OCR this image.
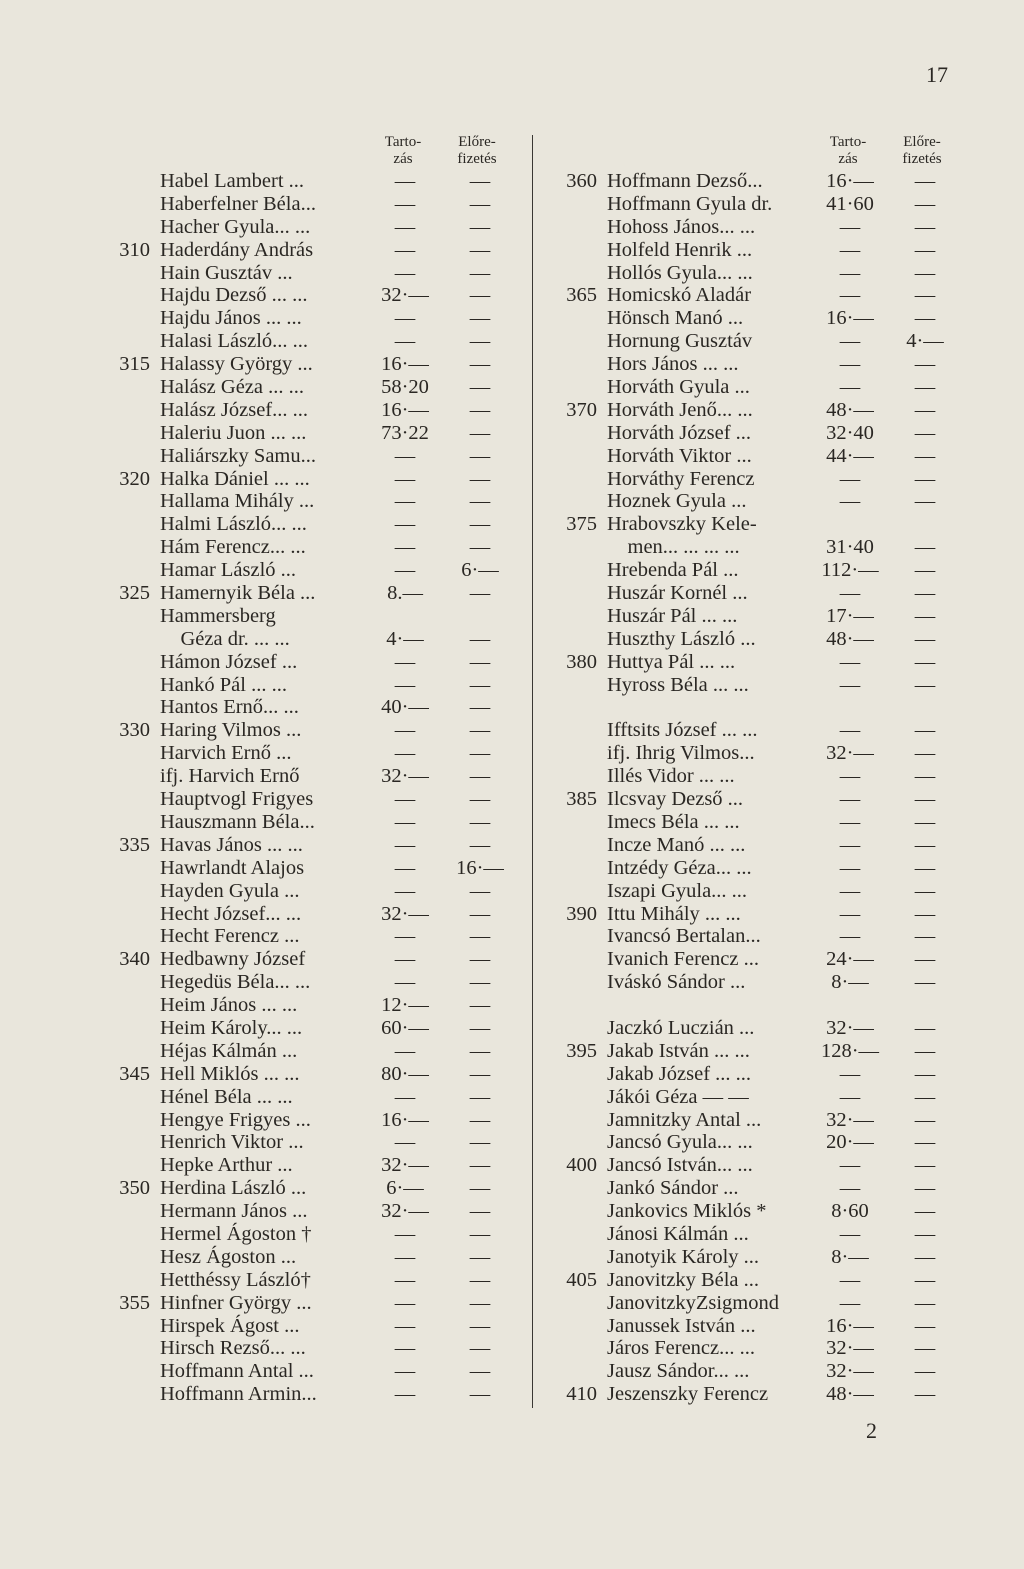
17
Tarto-
zás
Előre-
fizetés
Habel Lambert ...	—	—
Haberfelner Béla...	—	—
Hacher Gyula... ...	—	—
310 Haderdány András	—	—
Hain Gusztáv ...	—	—
Hajdu Dezső ... ...	32·—	—
Hajdu János ... ...	—	—
Halasi László... ...	—	—
315 Halassy György ...	16·—	—
Halász Géza ... ...	58·20	—
Halász József... ...	16·—	—
Haleriu Juon ... ...	73·22	—
Haliárszky Samu...	—	—
320 Halka Dániel ... ...	—	—
Hallama Mihály ...	—	—
Halmi László... ...	—	—
Hám Ferencz... ...	—	—
Hamar László ...	—	6·—
325 Hamernyik Béla ...	8.—	—
Hammersberg
Géza dr. ... ...	4·—	—
Hámon József ...	—	—
Hankó Pál ... ...	—	—
Hantos Ernő... ...	40·—	—
330 Haring Vilmos ...	—	—
Harvich Ernő ...	—	—
ifj. Harvich Ernő	32·—	—
Hauptvogl Frigyes	—	—
Hauszmann Béla...	—	—
335 Havas János ... ...	—	—
Hawrlandt Alajos	—	16·—
Hayden Gyula ...	—	—
Hecht József... ...	32·—	—
Hecht Ferencz ...	—	—
340 Hedbawny József	—	—
Hegedüs Béla... ...	—	—
Heim János ... ...	12·—	—
Heim Károly... ...	60·—	—
Héjas Kálmán ...	—	—
345 Hell Miklós ... ...	80·—	—
Hénel Béla ... ...	—	—
Hengye Frigyes ...	16·—	—
Henrich Viktor ...	—	—
Hepke Arthur ...	32·—	—
350 Herdina László ...	6·—	—
Hermann János ...	32·—	—
Hermel Ágoston †	—	—
Hesz Ágoston ...	—	—
Hetthéssy László†	—	—
355 Hinfner György ...	—	—
Hirspek Ágost ...	—	—
Hirsch Rezső... ...	—	—
Hoffmann Antal ...	—	—
Hoffmann Armin...	—	—
Tarto-
zás
Előre-
fizetés
360 Hoffmann Dezső...	16·—	—
Hoffmann Gyula dr.	41·60	—
Hohoss János... ...	—	—
Holfeld Henrik ...	—	—
Hollós Gyula... ...	—	—
365 Homicskó Aladár	—	—
Hönsch Manó ...	16·—	—
Hornung Gusztáv	—	4·—
Hors János ... ...	—	—
Horváth Gyula ...	—	—
370 Horváth Jenő... ...	48·—	—
Horváth József ...	32·40	—
Horváth Viktor ...	44·—	—
Horváthy Ferencz	—	—
Hoznek Gyula ...	—	—
375 Hrabovszky Kele-
men... ... ... ...	31·40	—
Hrebenda Pál ...	112·—	—
Huszár Kornél ...	—	—
Huszár Pál ... ...	17·—	—
Huszthy László ...	48·—	—
380 Huttya Pál ... ...	—	—
Hyross Béla ... ...	—	—
Ifftsits József ... ...	—	—
ifj. Ihrig Vilmos...	32·—	—
Illés Vidor ... ...	—	—
385 Ilcsvay Dezső ...	—	—
Imecs Béla ... ...	—	—
Incze Manó ... ...	—	—
Intzédy Géza... ...	—	—
Iszapi Gyula... ...	—	—
390 Ittu Mihály ... ...	—	—
Ivancsó Bertalan...	—	—
Ivanich Ferencz ...	24·—	—
Iváskó Sándor ...	8·—	—
Jaczkó Luczián ...	32·—	—
395 Jakab István ... ...	128·—	—
Jakab József ... ...	—	—
Jákói Géza — —	—	—
Jamnitzky Antal ...	32·—	—
Jancsó Gyula... ...	20·—	—
400 Jancsó István... ...	—	—
Jankó Sándor ...	—	—
Jankovics Miklós *	8·60	—
Jánosi Kálmán ...	—	—
Janotyik Károly ...	8·—	—
405 Janovitzky Béla ...	—	—
JanovitzkyZsigmond	—	—
Janussek István ...	16·—	—
Járos Ferencz... ...	32·—	—
Jausz Sándor... ...	32·—	—
410 Jeszenszky Ferencz	48·—	—
2
